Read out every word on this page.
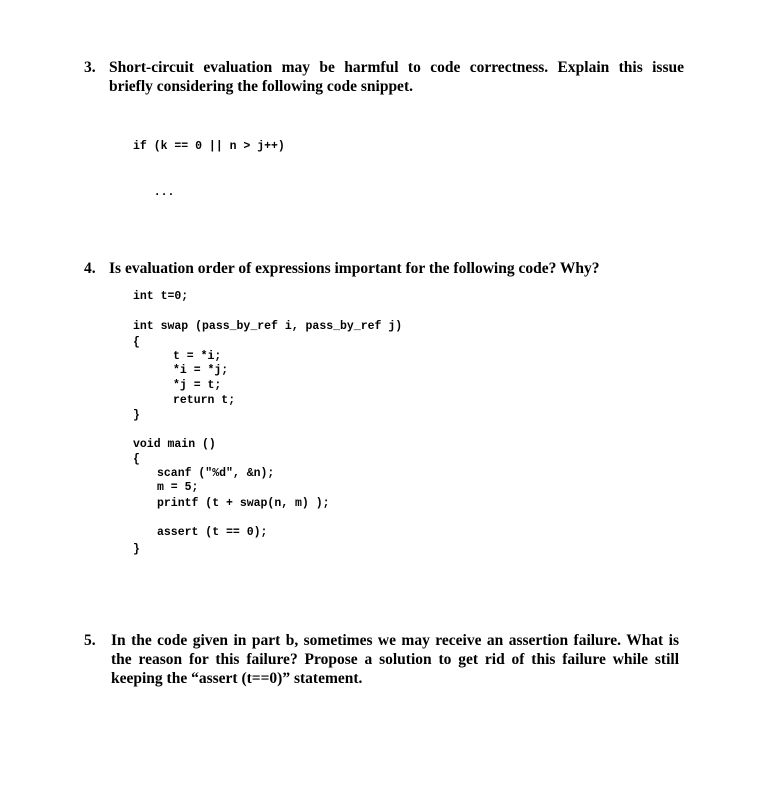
3. Short-circuit evaluation may be harmful to code correctness. Explain this issue
briefly considering the following code snippet.

if (k == 0 || n > j++)

...

4. Is evaluation order of expressions important for the following code? Why?

int t=0;

int swap (pass_by_ref i, pass_by_ref j)

{

t = *i;

*i = *j;

*j = t;

return t;

}

void main ()

{

scanf ("%d", &n);

m = 5;

printf (t + swap(n, m) );

assert (t == 0);

}

5. In the code given in part b, sometimes we may receive an assertion failure. What is
the reason for this failure? Propose a solution to get rid of this failure while still
keeping the “assert (t==0)” statement.
